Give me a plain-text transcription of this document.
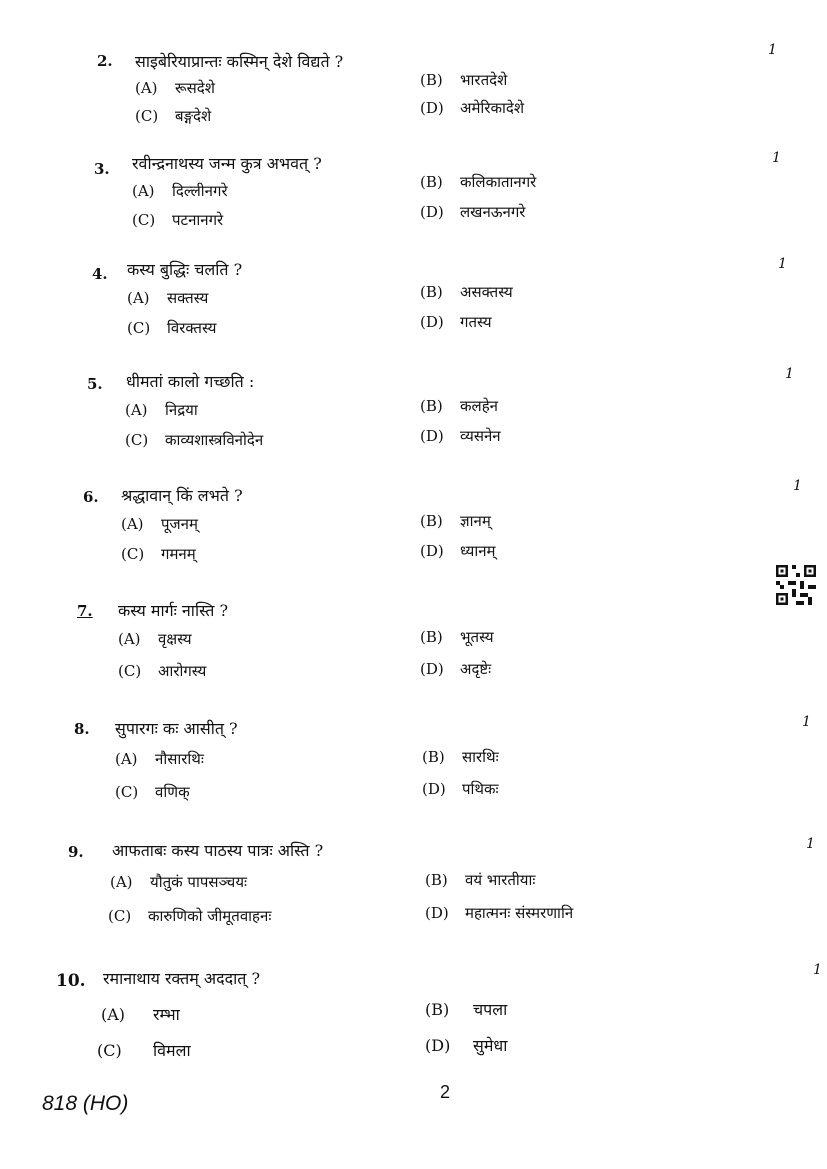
2. साइबेरियाप्रान्तः कस्मिन् देशे विद्यते ?
1
(A) रूसदेशे	(B) भारतदेशे
(C) बङ्गदेशे	(D) अमेरिकादेशे
3. रवीन्द्रनाथस्य जन्म कुत्र अभवत् ?	1
(A) दिल्लीनगरे	(B) कलिकातानगरे
(C) पटनानगरे	(D) लखनऊनगरे
4. कस्य बुद्धिः चलति ?	1
(A) सक्तस्य	(B) असक्तस्य
(C) विरक्तस्य	(D) गतस्य
5. धीमतां कालो गच्छति :	1
(A) निद्रया	(B) कलहेन
(C) काव्यशास्त्रविनोदेन	(D) व्यसनेन
6. श्रद्धावान् किं लभते ?	1
(A) पूजनम्	(B) ज्ञानम्
(C) गमनम्	(D) ध्यानम्
7. कस्य मार्गः नास्ति ?
(A) वृक्षस्य	(B) भूतस्य
(C) आरोगस्य	(D) अदृष्टेः
8. सुपारगः कः आसीत् ?	1
(A) नौसारथिः	(B) सारथिः
(C) वणिक्	(D) पथिकः
9. आफताबः कस्य पाठस्य पात्रः अस्ति ?	1
(A) यौतुकं पापसञ्चयः	(B) वयं भारतीयाः
(C) कारुणिको जीमूतवाहनः	(D) महात्मनः संस्मरणानि
10. रमानाथाय रक्तम् अददात् ?	1
(A) रम्भा	(B) चपला
(C) विमला	(D) सुमेधा
818 (HO)	2
